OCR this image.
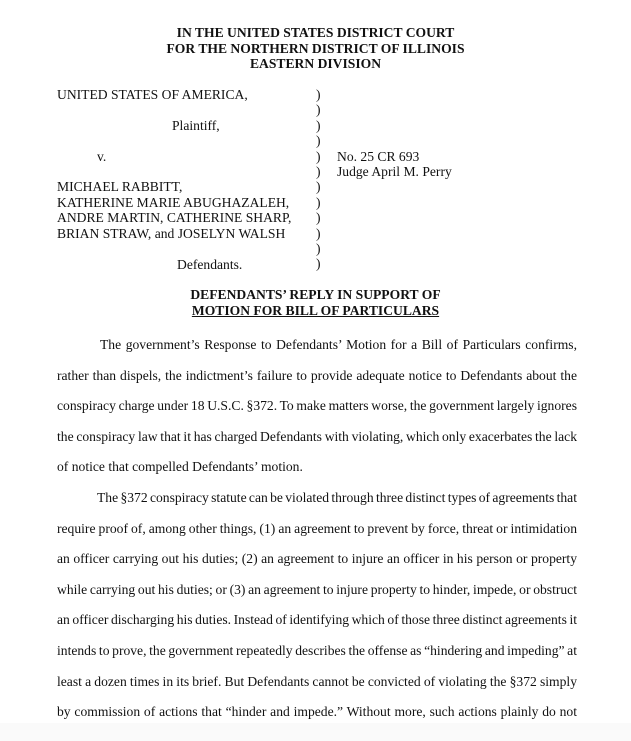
IN THE UNITED STATES DISTRICT COURT
FOR THE NORTHERN DISTRICT OF ILLINOIS
EASTERN DIVISION
UNITED STATES OF AMERICA,
Plaintiff,
v.
MICHAEL RABBITT,
KATHERINE MARIE ABUGHAZALEH,
ANDRE MARTIN, CATHERINE SHARP,
BRIAN STRAW, and JOSELYN WALSH
Defendants.
)
)
)
)
)
)
)
)
)
)
)
)
No. 25 CR 693
Judge April M. Perry
DEFENDANTS’ REPLY IN SUPPORT OF
MOTION FOR BILL OF PARTICULARS
The government’s Response to Defendants’ Motion for a Bill of Particulars confirms,
rather than dispels, the indictment’s failure to provide adequate notice to Defendants about the
conspiracy charge under 18 U.S.C. §372. To make matters worse, the government largely ignores
the conspiracy law that it has charged Defendants with violating, which only exacerbates the lack
of notice that compelled Defendants’ motion.
The §372 conspiracy statute can be violated through three distinct types of agreements that
require proof of, among other things, (1) an agreement to prevent by force, threat or intimidation
an officer carrying out his duties; (2) an agreement to injure an officer in his person or property
while carrying out his duties; or (3) an agreement to injure property to hinder, impede, or obstruct
an officer discharging his duties. Instead of identifying which of those three distinct agreements it
intends to prove, the government repeatedly describes the offense as “hindering and impeding” at
least a dozen times in its brief. But Defendants cannot be convicted of violating the §372 simply
by commission of actions that “hinder and impede.” Without more, such actions plainly do not
